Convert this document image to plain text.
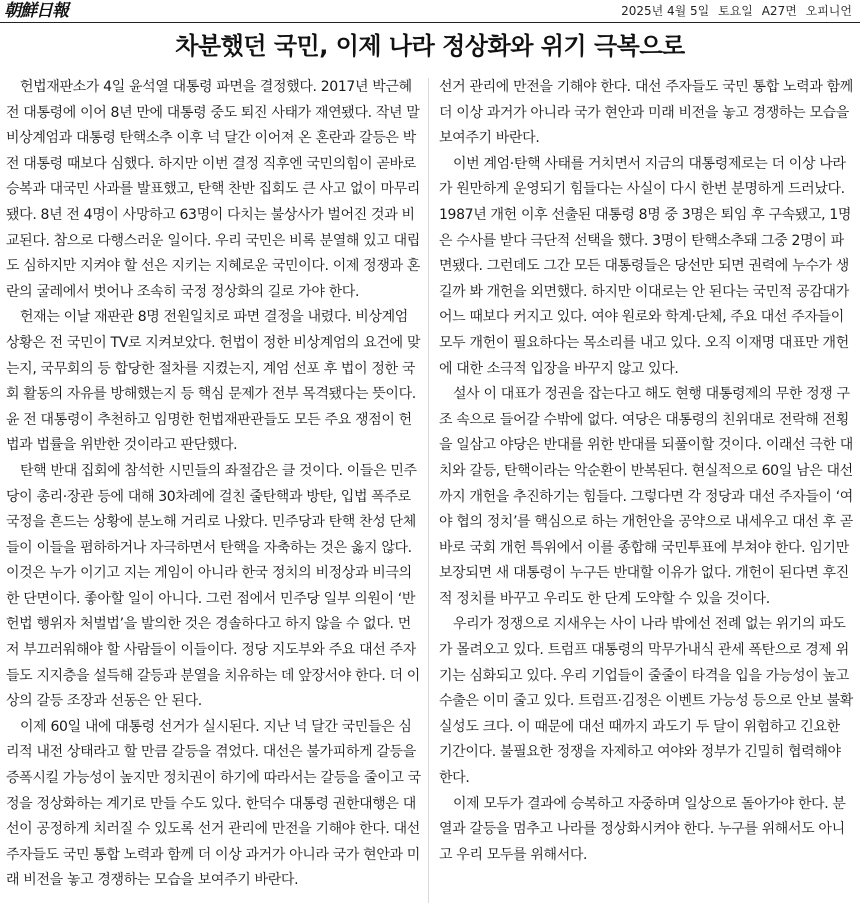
朝鮮日報	2025년 4월 5일 토요일 A27면 오피니언
차분했던 국민, 이제 나라 정상화와 위기 극복으로

헌법재판소가 4일 윤석열 대통령 파면을 결정했다. 2017년 박근혜 전 대통령에 이어 8년 만에 대통령 중도 퇴진 사태가 재연됐다. 작년 말 비상계엄과 대통령 탄핵소추 이후 넉 달간 이어져 온 혼란과 갈등은 박 전 대통령 때보다 심했다. 하지만 이번 결정 직후엔 국민의힘이 곧바로 승복과 대국민 사과를 발표했고, 탄핵 찬반 집회도 큰 사고 없이 마무리됐다. 8년 전 4명이 사망하고 63명이 다치는 불상사가 벌어진 것과 비교된다. 참으로 다행스러운 일이다. 우리 국민은 비록 분열해 있고 대립도 심하지만 지켜야 할 선은 지키는 지혜로운 국민이다. 이제 정쟁과 혼란의 굴레에서 벗어나 조속히 국정 정상화의 길로 가야 한다.

헌재는 이날 재판관 8명 전원일치로 파면 결정을 내렸다. 비상계엄 상황은 전 국민이 TV로 지켜보았다. 헌법이 정한 비상계엄의 요건에 맞는지, 국무회의 등 합당한 절차를 지켰는지, 계엄 선포 후 법이 정한 국회 활동의 자유를 방해했는지 등 핵심 문제가 전부 목격됐다는 뜻이다. 윤 전 대통령이 추천하고 임명한 헌법재판관들도 모든 주요 쟁점이 헌법과 법률을 위반한 것이라고 판단했다.

탄핵 반대 집회에 참석한 시민들의 좌절감은 클 것이다. 이들은 민주당이 총리·장관 등에 대해 30차례에 걸친 줄탄핵과 방탄, 입법 폭주로 국정을 흔드는 상황에 분노해 거리로 나왔다. 민주당과 탄핵 찬성 단체들이 이들을 폄하하거나 자극하면서 탄핵을 자축하는 것은 옳지 않다. 이것은 누가 이기고 지는 게임이 아니라 한국 정치의 비정상과 비극의 한 단면이다. 좋아할 일이 아니다. 그런 점에서 민주당 일부 의원이 ‘반헌법 행위자 처벌법’을 발의한 것은 경솔하다고 하지 않을 수 없다. 먼저 부끄러워해야 할 사람들이 이들이다. 정당 지도부와 주요 대선 주자들도 지지층을 설득해 갈등과 분열을 치유하는 데 앞장서야 한다. 더 이상의 갈등 조장과 선동은 안 된다.

이제 60일 내에 대통령 선거가 실시된다. 지난 넉 달간 국민들은 심리적 내전 상태라고 할 만큼 갈등을 겪었다. 대선은 불가피하게 갈등을 증폭시킬 가능성이 높지만 정치권이 하기에 따라서는 갈등을 줄이고 국정을 정상화하는 계기로 만들 수도 있다. 한덕수 대통령 권한대행은 대선이 공정하게 치러질 수 있도록 선거 관리에 만전을 기해야 한다. 대선 주자들도 국민 통합 노력과 함께 더 이상 과거가 아니라 국가 현안과 미래 비전을 놓고 경쟁하는 모습을 보여주기 바란다.

선거 관리에 만전을 기해야 한다. 대선 주자들도 국민 통합 노력과 함께 더 이상 과거가 아니라 국가 현안과 미래 비전을 놓고 경쟁하는 모습을 보여주기 바란다.

이번 계엄·탄핵 사태를 거치면서 지금의 대통령제로는 더 이상 나라가 원만하게 운영되기 힘들다는 사실이 다시 한번 분명하게 드러났다. 1987년 개헌 이후 선출된 대통령 8명 중 3명은 퇴임 후 구속됐고, 1명은 수사를 받다 극단적 선택을 했다. 3명이 탄핵소추돼 그중 2명이 파면됐다. 그런데도 그간 모든 대통령들은 당선만 되면 권력에 누수가 생길까 봐 개헌을 외면했다. 하지만 이대로는 안 된다는 국민적 공감대가 어느 때보다 커지고 있다. 여야 원로와 학계·단체, 주요 대선 주자들이 모두 개헌이 필요하다는 목소리를 내고 있다. 오직 이재명 대표만 개헌에 대한 소극적 입장을 바꾸지 않고 있다.

설사 이 대표가 정권을 잡는다고 해도 현행 대통령제의 무한 정쟁 구조 속으로 들어갈 수밖에 없다. 여당은 대통령의 친위대로 전락해 전횡을 일삼고 야당은 반대를 위한 반대를 되풀이할 것이다. 이래선 극한 대치와 갈등, 탄핵이라는 악순환이 반복된다. 현실적으로 60일 남은 대선까지 개헌을 추진하기는 힘들다. 그렇다면 각 정당과 대선 주자들이 ‘여야 협의 정치’를 핵심으로 하는 개헌안을 공약으로 내세우고 대선 후 곧바로 국회 개헌 특위에서 이를 종합해 국민투표에 부쳐야 한다. 임기만 보장되면 새 대통령이 누구든 반대할 이유가 없다. 개헌이 된다면 후진적 정치를 바꾸고 우리도 한 단계 도약할 수 있을 것이다.

우리가 정쟁으로 지새우는 사이 나라 밖에선 전례 없는 위기의 파도가 몰려오고 있다. 트럼프 대통령의 막무가내식 관세 폭탄으로 경제 위기는 심화되고 있다. 우리 기업들이 줄줄이 타격을 입을 가능성이 높고 수출은 이미 줄고 있다. 트럼프·김정은 이벤트 가능성 등으로 안보 불확실성도 크다. 이 때문에 대선 때까지 과도기 두 달이 위험하고 긴요한 기간이다. 불필요한 정쟁을 자제하고 여야와 정부가 긴밀히 협력해야 한다.

이제 모두가 결과에 승복하고 자중하며 일상으로 돌아가야 한다. 분열과 갈등을 멈추고 나라를 정상화시켜야 한다. 누구를 위해서도 아니고 우리 모두를 위해서다.
